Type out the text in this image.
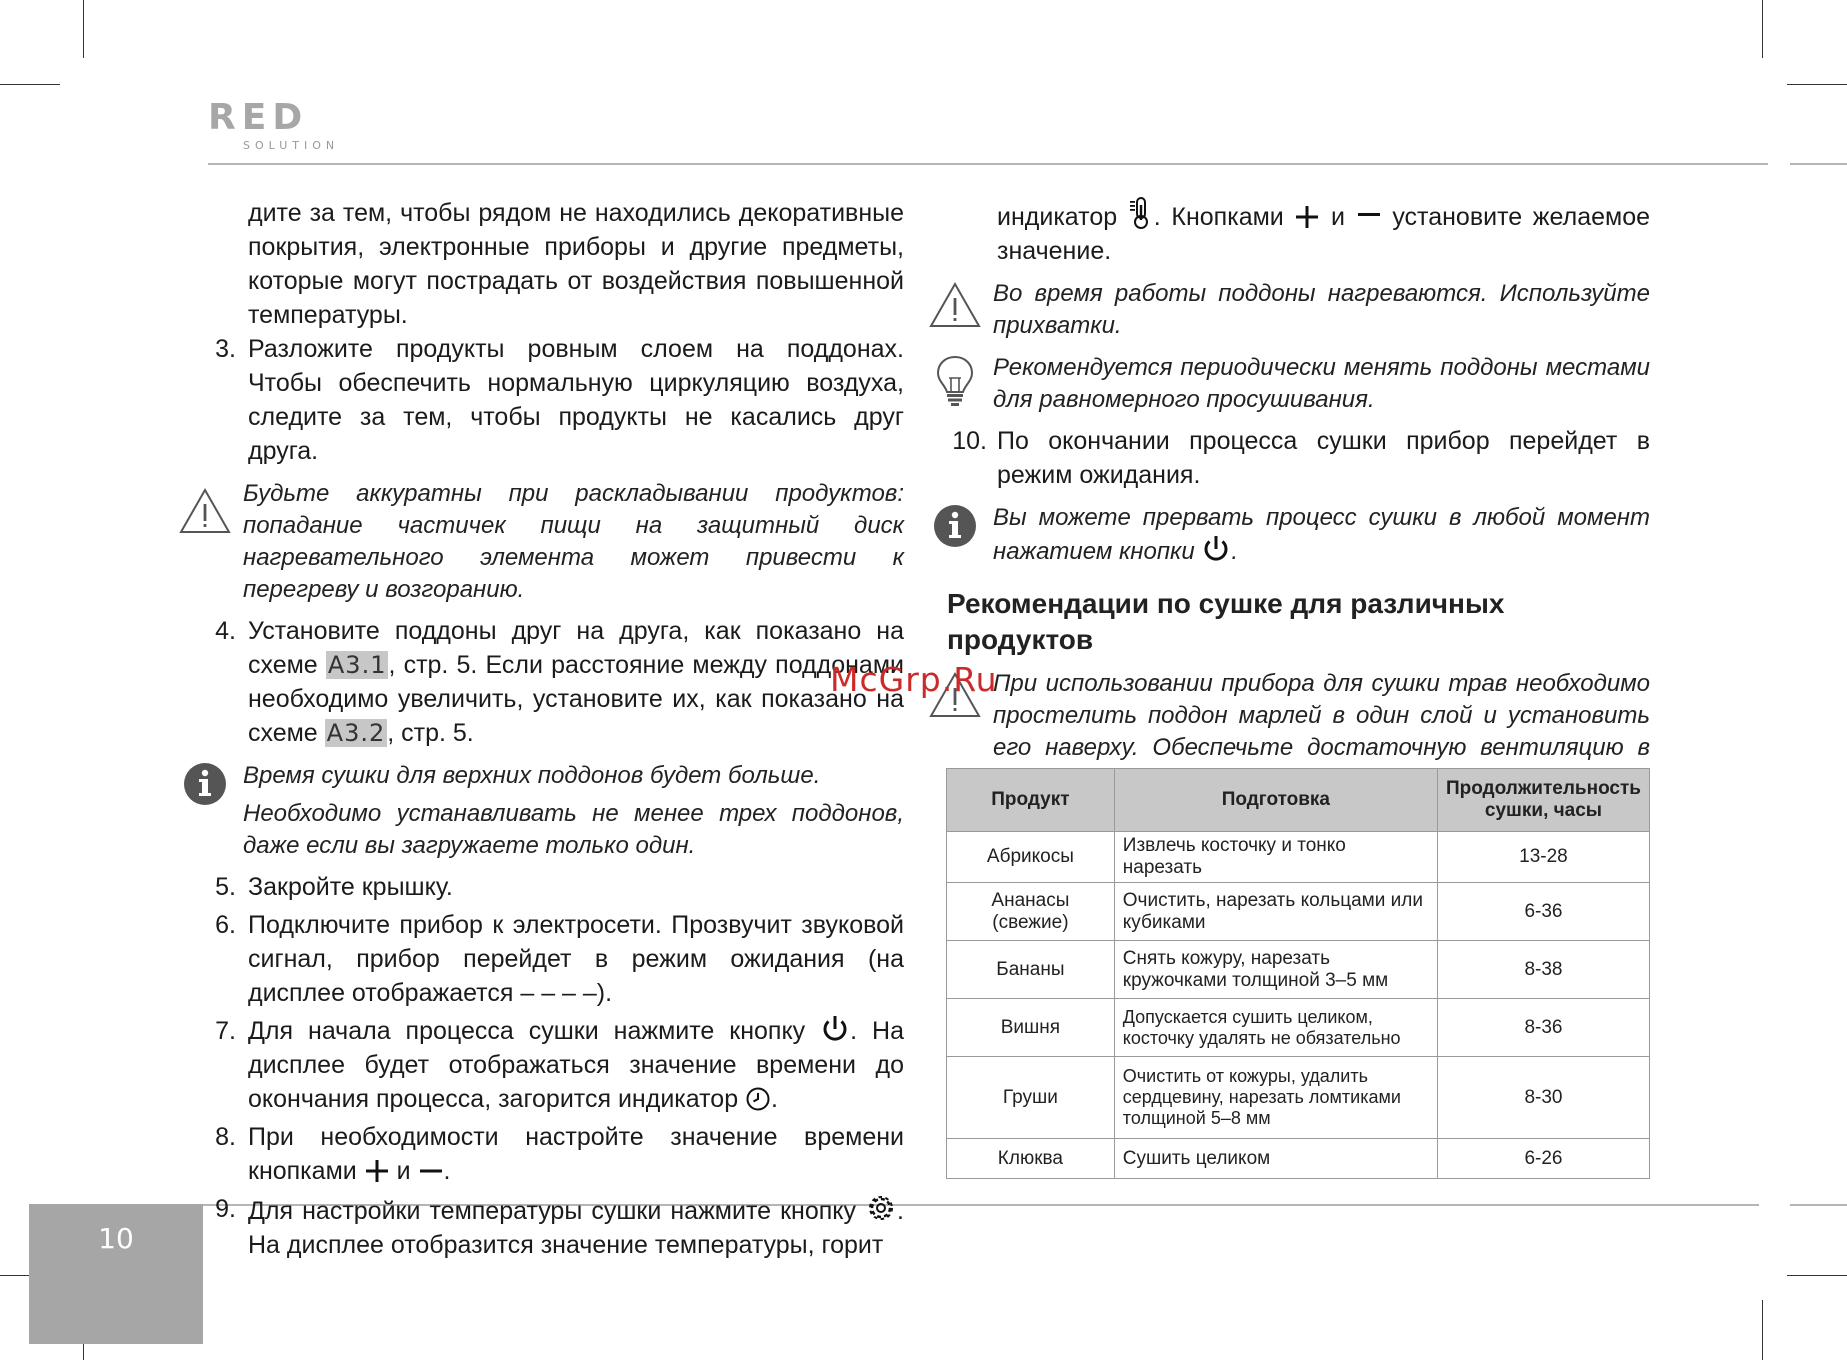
RED
SOLUTION

дите за тем, чтобы рядом не находились декоративные покрытия, электронные приборы и другие предметы, которые могут пострадать от воздействия повышенной температуры.

3. Разложите продукты ровным слоем на поддонах. Чтобы обеспечить нормальную циркуляцию воздуха, следите за тем, чтобы продукты не касались друг друга.

Будьте аккуратны при раскладывании продуктов: попадание частичек пищи на защитный диск нагревательного элемента может привести к перегреву и возгоранию.

4. Установите поддоны друг на друга, как показано на схеме A3.1, стр. 5. Если расстояние между поддонами необходимо увеличить, установите их, как показано на схеме A3.2, стр. 5.

Время сушки для верхних поддонов будет больше.

Необходимо устанавливать не менее трех поддонов, даже если вы загружаете только один.

5. Закройте крышку.

6. Подключите прибор к электросети. Прозвучит звуковой сигнал, прибор перейдет в режим ожидания (на дисплее отображается – – – –).

7. Для начала процесса сушки нажмите кнопку . На дисплее будет отображаться значение времени до окончания процесса, загорится индикатор .

8. При необходимости настройте значение времени кнопками  и .

9. Для настройки температуры сушки нажмите кнопку . На дисплее отобразится значение температуры, горит

индикатор . Кнопками  и  установите желаемое значение.

Во время работы поддоны нагреваются. Используйте прихватки.

Рекомендуется периодически менять поддоны местами для равномерного просушивания.

10. По окончании процесса сушки прибор перейдет в режим ожидания.

Вы можете прервать процесс сушки в любой момент нажатием кнопки .

Рекомендации по сушке для различных продуктов

При использовании прибора для сушки трав необходимо простелить поддон марлей в один слой и установить его наверху. Обеспечьте достаточную вентиляцию в

Продукт	Подготовка	Продолжительность сушки, часы
Абрикосы	Извлечь косточку и тонко нарезать	13-28
Ананасы (свежие)	Очистить, нарезать кольцами или кубиками	6-36
Бананы	Снять кожуру, нарезать кружочками толщиной 3–5 мм	8-38
Вишня	Допускается сушить целиком, косточку удалять не обязательно	8-36
Груши	Очистить от кожуры, удалить сердцевину, нарезать ломтиками толщиной 5–8 мм	8-30
Клюква	Сушить целиком	6-26
10
McGrp.Ru
